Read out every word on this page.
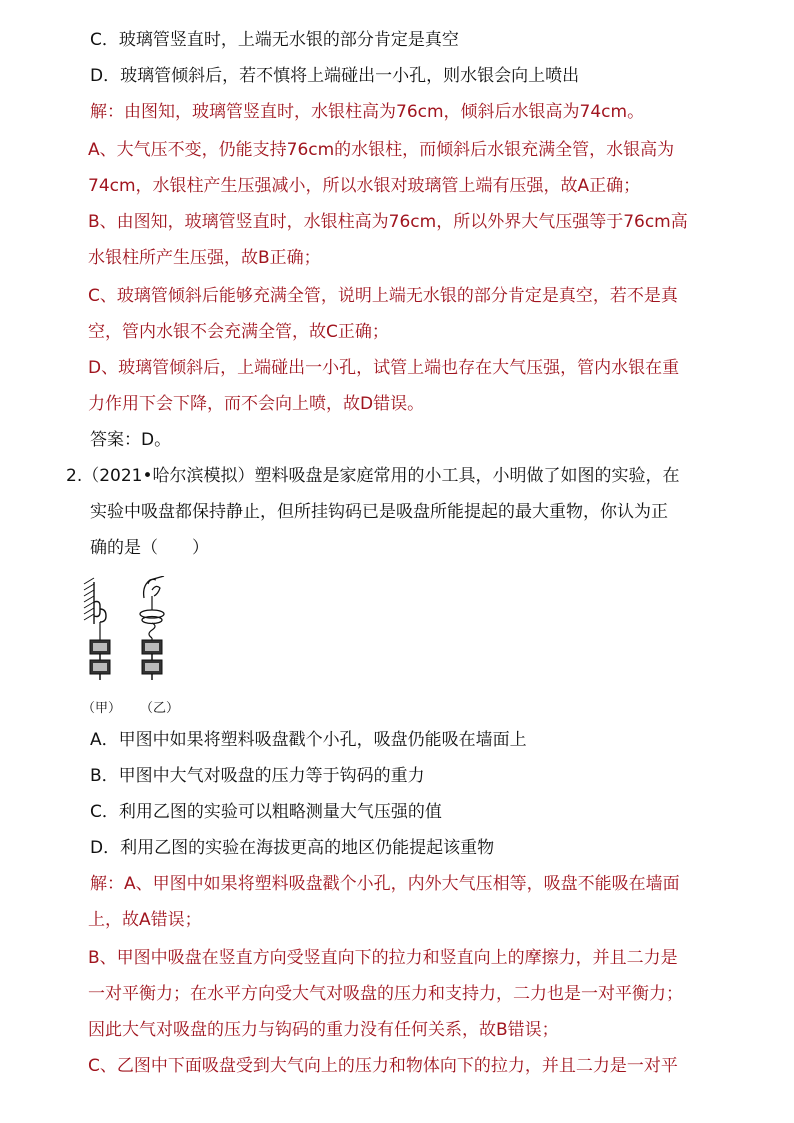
C．玻璃管竖直时，上端无水银的部分肯定是真空
D．玻璃管倾斜后，若不慎将上端碰出一小孔，则水银会向上喷出
解：由图知，玻璃管竖直时，水银柱高为76cm，倾斜后水银高为74cm。
A、大气压不变，仍能支持76cm的水银柱，而倾斜后水银充满全管，水银高为
74cm，水银柱产生压强减小，所以水银对玻璃管上端有压强，故A正确；
B、由图知，玻璃管竖直时，水银柱高为76cm，所以外界大气压强等于76cm高
水银柱所产生压强，故B正确；
C、玻璃管倾斜后能够充满全管，说明上端无水银的部分肯定是真空，若不是真
空，管内水银不会充满全管，故C正确；
D、玻璃管倾斜后，上端碰出一小孔，试管上端也存在大气压强，管内水银在重
力作用下会下降，而不会向上喷，故D错误。
答案：D。
2.（2021•哈尔滨模拟）塑料吸盘是家庭常用的小工具，小明做了如图的实验，在
实验中吸盘都保持静止，但所挂钩码已是吸盘所能提起的最大重物，你认为正
确的是（　　）
（甲） （乙）
A．甲图中如果将塑料吸盘戳个小孔，吸盘仍能吸在墙面上
B．甲图中大气对吸盘的压力等于钩码的重力
C．利用乙图的实验可以粗略测量大气压强的值
D．利用乙图的实验在海拔更高的地区仍能提起该重物
解：A、甲图中如果将塑料吸盘戳个小孔，内外大气压相等，吸盘不能吸在墙面
上，故A错误；
B、甲图中吸盘在竖直方向受竖直向下的拉力和竖直向上的摩擦力，并且二力是
一对平衡力；在水平方向受大气对吸盘的压力和支持力，二力也是一对平衡力；
因此大气对吸盘的压力与钩码的重力没有任何关系，故B错误；
C、乙图中下面吸盘受到大气向上的压力和物体向下的拉力，并且二力是一对平
